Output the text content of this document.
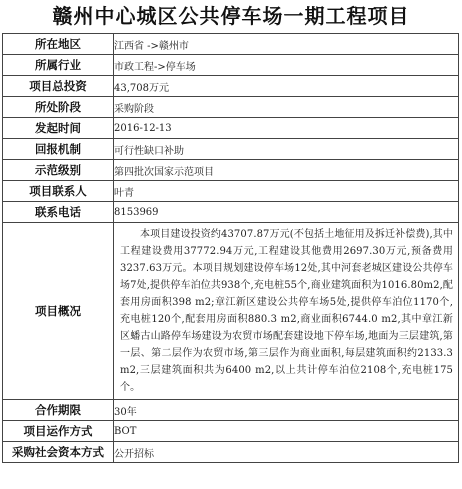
赣州中心城区公共停车场一期工程项目
所在地区	江西省 ->赣州市
所属行业	市政工程->停车场
项目总投资	43,708万元
所处阶段	采购阶段
发起时间	2016-12-13
回报机制	可行性缺口补助
示范级别	第四批次国家示范项目
项目联系人	叶青
联系电话	8153969
项目概况	本项目建设投资约43707.87万元(不包括土地征用及拆迁补偿费),其中工程建设费用37772.94万元,工程建设其他费用2697.30万元,预备费用3237.63万元。本项目规划建设停车场12处,其中河套老城区建设公共停车场7处,提供停车泊位共938个,充电桩55个,商业建筑面积为1016.80m2,配套用房面积398 m2;章江新区建设公共停车场5处,提供停车泊位1170个,充电桩120个,配套用房面积880.3 m2,商业面积6744.0 m2,其中章江新区蟠古山路停车场建设为农贸市场配套建设地下停车场,地面为三层建筑,第一层、第二层作为农贸市场,第三层作为商业面积,每层建筑面积约2133.3 m2,三层建筑面积共为6400 m2,以上共计停车泊位2108个,充电桩175个。
合作期限	30年
项目运作方式	BOT
采购社会资本方式	公开招标
